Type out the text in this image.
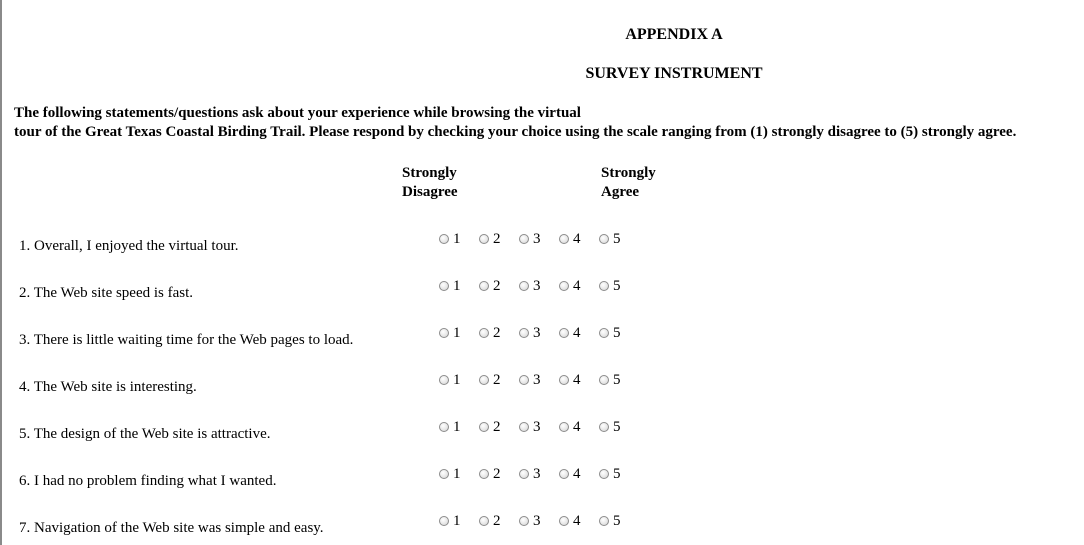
APPENDIX A
SURVEY INSTRUMENT
The following statements/questions ask about your experience while browsing the virtual
tour of the Great Texas Coastal Birding Trail. Please respond by checking your choice using the scale ranging from (1) strongly disagree to (5) strongly agree.
Strongly
Disagree
Strongly
Agree
1. Overall, I enjoyed the virtual tour.	1 2 3 4 5
2. The Web site speed is fast.	1 2 3 4 5
3. There is little waiting time for the Web pages to load.	1 2 3 4 5
4. The Web site is interesting.	1 2 3 4 5
5. The design of the Web site is attractive.	1 2 3 4 5
6. I had no problem finding what I wanted.	1 2 3 4 5
7. Navigation of the Web site was simple and easy.	1 2 3 4 5
